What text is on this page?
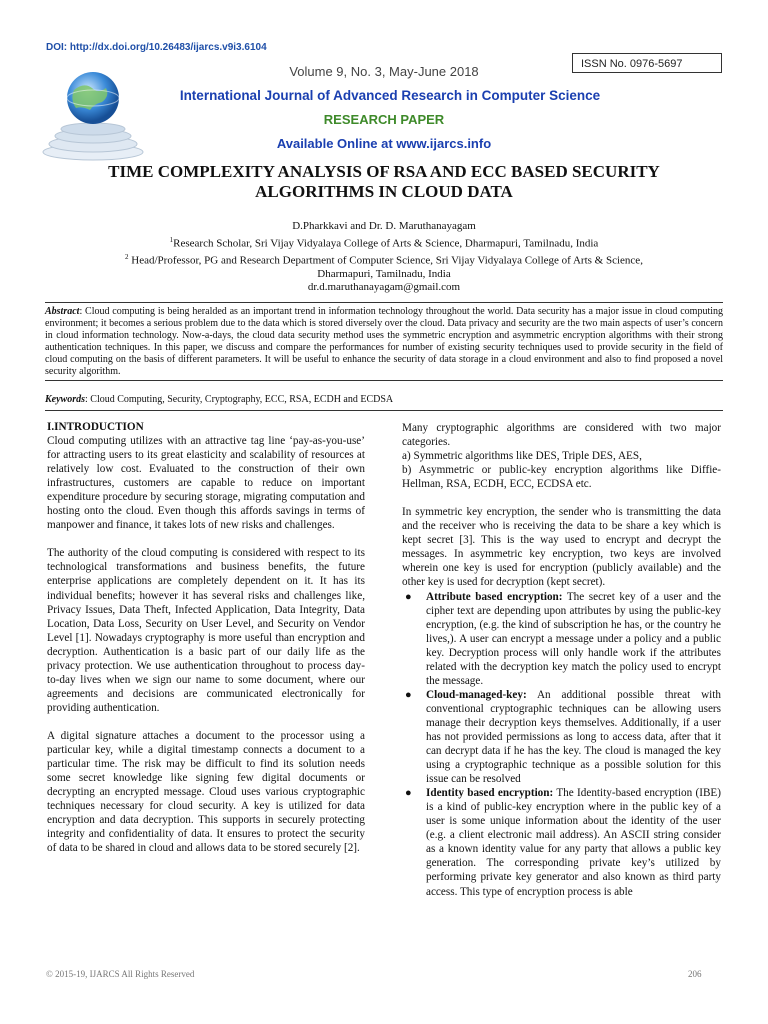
DOI: http://dx.doi.org/10.26483/ijarcs.v9i3.6104
Volume 9, No. 3, May-June 2018	ISSN No. 0976-5697
International Journal of Advanced Research in Computer Science
RESEARCH PAPER
Available Online at www.ijarcs.info
TIME COMPLEXITY ANALYSIS OF RSA AND ECC BASED SECURITY
ALGORITHMS IN CLOUD DATA
D.Pharkkavi and Dr. D. Maruthanayagam
$^1$Research Scholar, Sri Vijay Vidyalaya College of Arts & Science, Dharmapuri, Tamilnadu, India
$^2$ Head/Professor, PG and Research Department of Computer Science, Sri Vijay Vidyalaya College of Arts & Science,
Dharmapuri, Tamilnadu, India
dr.d.maruthanayagam@gmail.com
Abstract: Cloud computing is being heralded as an important trend in information technology throughout the world. Data security has a major issue in cloud computing environment; it becomes a serious problem due to the data which is stored diversely over the cloud. Data privacy and security are the two main aspects of user’s concern in cloud information technology. Now-a-days, the cloud data security method uses the symmetric encryption and asymmetric encryption algorithms with their strong authentication techniques. In this paper, we discuss and compare the performances for number of existing security techniques used to provide security in the field of cloud computing on the basis of different parameters. It will be useful to enhance the security of data storage in a cloud environment and also to find proposed a novel security algorithm.
Keywords: Cloud Computing, Security, Cryptography, ECC, RSA, ECDH and ECDSA
I.INTRODUCTION

Cloud computing utilizes with an attractive tag line ‘pay-as-you-use’ for attracting users to its great elasticity and scalability of resources at relatively low cost. Evaluated to the construction of their own infrastructures, customers are capable to reduce on important expenditure procedure by securing storage, migrating computation and hosting onto the cloud. Even though this affords savings in terms of manpower and finance, it takes lots of new risks and challenges.

The authority of the cloud computing is considered with respect to its technological transformations and business benefits, the future enterprise applications are completely dependent on it. It has its individual benefits; however it has several risks and challenges like, Privacy Issues, Data Theft, Infected Application, Data Integrity, Data Location, Data Loss, Security on User Level, and Security on Vendor Level [1]. Nowadays cryptography is more useful than encryption and decryption. Authentication is a basic part of our daily life as the privacy protection. We use authentication throughout to process day-to-day lives when we sign our name to some document, where our agreements and decisions are communicated electronically for providing authentication.

A digital signature attaches a document to the processor using a particular key, while a digital timestamp connects a document to a particular time. The risk may be difficult to find its solution needs some secret knowledge like signing few digital documents or decrypting an encrypted message. Cloud uses various cryptographic techniques necessary for cloud security. A key is utilized for data encryption and data decryption. This supports in securely protecting integrity and confidentiality of data. It ensures to protect the security of data to be shared in cloud and allows data to be stored securely [2].

Many cryptographic algorithms are considered with two major categories.
a) Symmetric algorithms like DES, Triple DES, AES,
b) Asymmetric or public-key encryption algorithms like Diffie-Hellman, RSA, ECDH, ECC, ECDSA etc.
In symmetric key encryption, the sender who is transmitting the data and the receiver who is receiving the data to be share a key which is kept secret [3]. This is the way used to encrypt and decrypt the messages. In asymmetric key encryption, two keys are involved wherein one key is used for encryption (publicly available) and the other key is used for decryption (kept secret).
● Attribute based encryption: The secret key of a user and the cipher text are depending upon attributes by using the public-key encryption, (e.g. the kind of subscription he has, or the country he lives,). A user can encrypt a message under a policy and a public key. Decryption process will only handle work if the attributes related with the decryption key match the policy used to encrypt the message.
● Cloud-managed-key: An additional possible threat with conventional cryptographic techniques can be allowing users manage their decryption keys themselves. Additionally, if a user has not provided permissions as long to access data, after that it can decrypt data if he has the key. The cloud is managed the key using a cryptographic technique as a possible solution for this issue can be resolved
● Identity based encryption: The Identity-based encryption (IBE) is a kind of public-key encryption where in the public key of a user is some unique information about the identity of the user (e.g. a client electronic mail address). An ASCII string consider as a known identity value for any party that allows a public key generation. The corresponding private key’s utilized by performing private key generator and also known as third party access. This type of encryption process is able
© 2015-19, IJARCS All Rights Reserved	206
